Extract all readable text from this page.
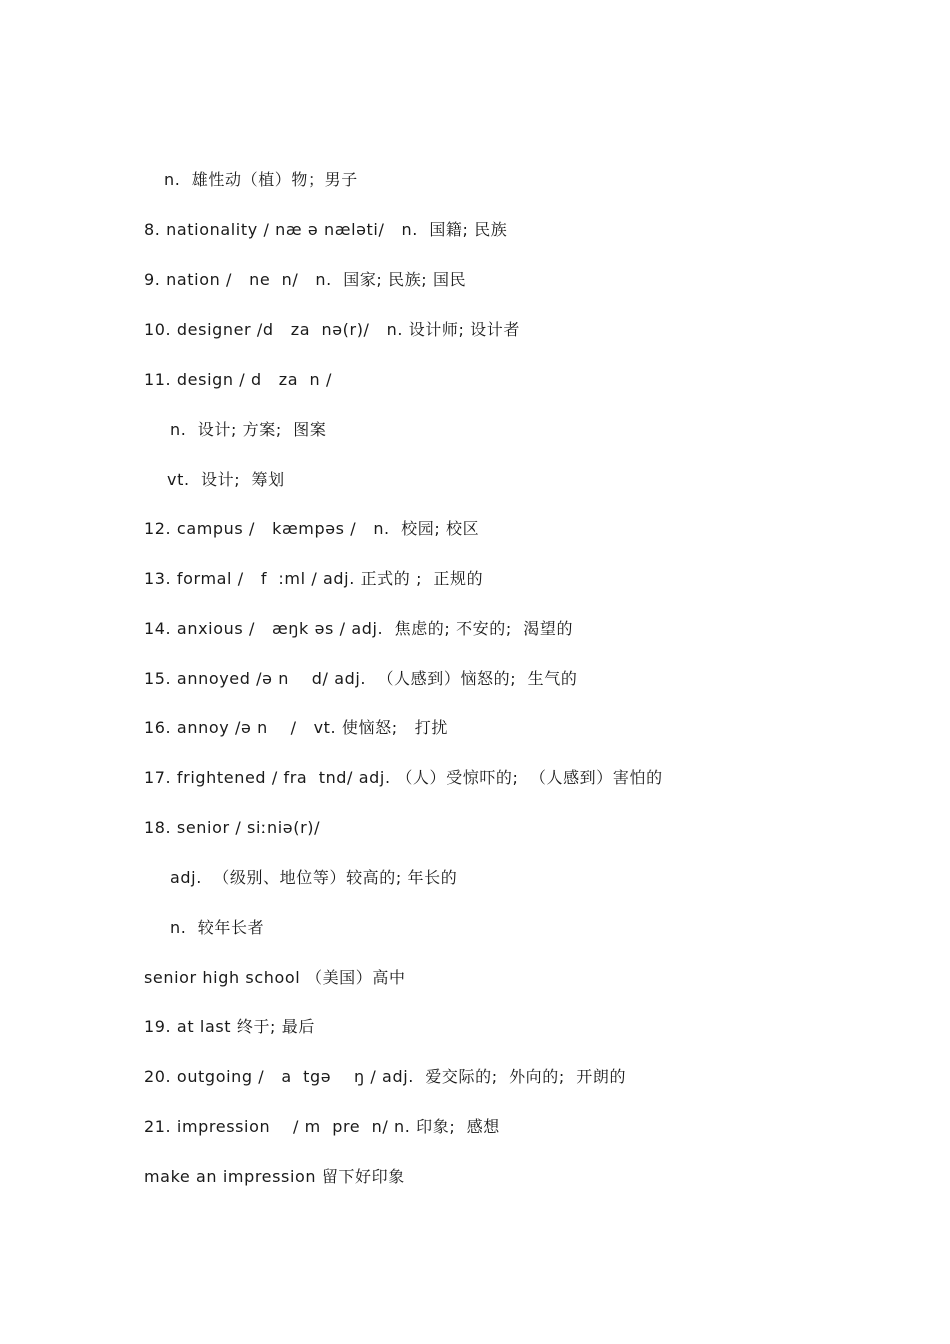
n.  雄性动（植）物；男子
8. nationality / næ ə nælәti/   n.  国籍; 民族
9. nation /   ne  n/   n.  国家; 民族; 国民
10. designer /d   za  nә(r)/   n. 设计师; 设计者
11. design / d   za  n /
n.  设计; 方案;  图案
vt.  设计;  筹划
12. campus /   kæmpәs /   n.  校园; 校区
13. formal /   f  :ml / adj. 正式的 ;  正规的
14. anxious /   æŋk әs / adj.  焦虑的; 不安的;  渴望的
15. annoyed /ә n    d/ adj.  （人感到）恼怒的;  生气的
16. annoy /ә n    /   vt. 使恼怒;   打扰
17. frightened / fra  tnd/ adj. （人）受惊吓的;  （人感到）害怕的
18. senior / siːniә(r)/
adj.  （级别、地位等）较高的; 年长的
n.  较年长者
senior high school （美国）高中
19. at last 终于; 最后
20. outgoing /   a  tgә    ŋ / adj.  爱交际的;  外向的;  开朗的
21. impression    / m  pre  n/ n. 印象;  感想
make an impression 留下好印象
